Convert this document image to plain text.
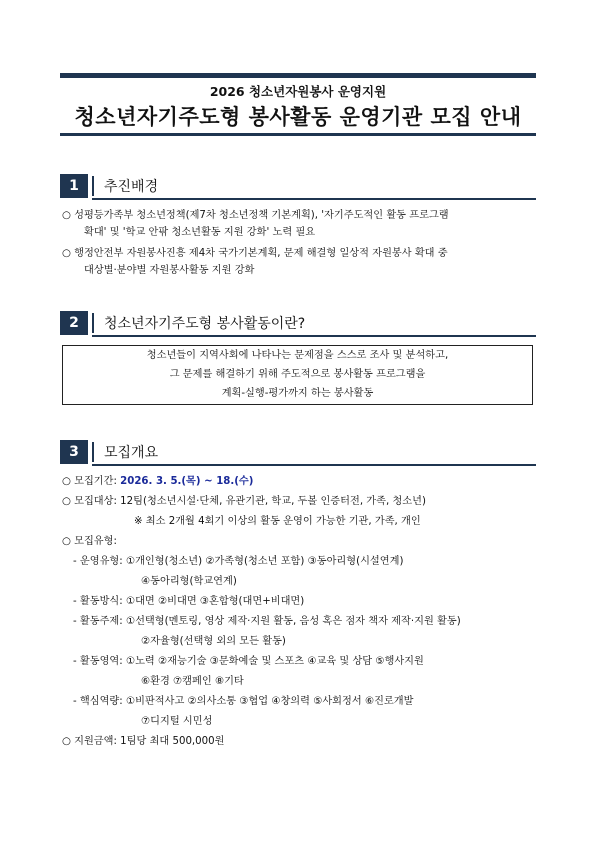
2026 청소년자원봉사 운영지원
청소년자기주도형 봉사활동 운영기관 모집 안내
1	추진배경
○ 성평등가족부 청소년정책(제7차 청소년정책 기본계획), '자기주도적인 활동 프로그램
확대' 및 '학교 안팎 청소년활동 지원 강화' 노력 필요
○ 행정안전부 자원봉사진흥 제4차 국가기본계획, 문제 해결형 일상적 자원봉사 확대 중
대상별·분야별 자원봉사활동 지원 강화
2	청소년자기주도형 봉사활동이란?
청소년들이 지역사회에 나타나는 문제점을 스스로 조사 및 분석하고,
그 문제를 해결하기 위해 주도적으로 봉사활동 프로그램을
계획-실행-평가까지 하는 봉사활동
3	모집개요
○ 모집기간: 2026. 3. 5.(목) ~ 18.(수)
○ 모집대상: 12팀(청소년시설·단체, 유관기관, 학교, 두볼 인증터전, 가족, 청소년)
※ 최소 2개월 4회기 이상의 활동 운영이 가능한 기관, 가족, 개인
○ 모집유형:
- 운영유형: ①개인형(청소년) ②가족형(청소년 포함) ③동아리형(시설연계)
④동아리형(학교연계)
- 활동방식: ①대면 ②비대면 ③혼합형(대면+비대면)
- 활동주제: ①선택형(멘토링, 영상 제작·지원 활동, 음성 혹은 점자 책자 제작·지원 활동)
②자율형(선택형 외의 모든 활동)
- 활동영역: ①노력 ②재능기술 ③문화예술 및 스포츠 ④교육 및 상담 ⑤행사지원
⑥환경 ⑦캠페인 ⑧기타
- 핵심역량: ①비판적사고 ②의사소통 ③협업 ④창의력 ⑤사회정서 ⑥진로개발
⑦디지털 시민성
○ 지원금액: 1팀당 최대 500,000원
